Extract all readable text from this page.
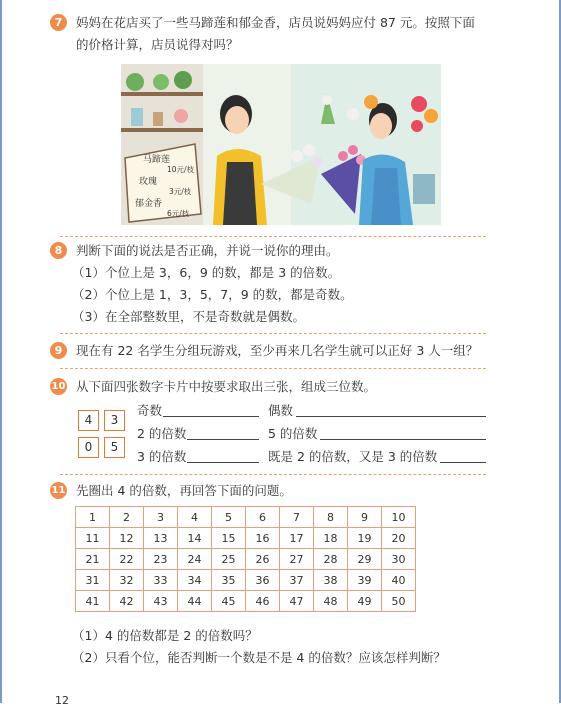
7	妈妈在花店买了一些马蹄莲和郁金香，店员说妈妈应付 87 元。按照下面
的价格计算，店员说得对吗？
马蹄莲
10元/枝
玫瑰
3元/枝
郁金香
6元/枝
8	判断下面的说法是否正确，并说一说你的理由。
（1）个位上是 3，6，9 的数，都是 3 的倍数。
（2）个位上是 1，3，5，7，9 的数，都是奇数。
（3）在全部整数里，不是奇数就是偶数。
9	现在有 22 名学生分组玩游戏，至少再来几名学生就可以正好 3 人一组？
10 从下面四张数字卡片中按要求取出三张，组成三位数。
4	3
0	5
奇数	偶数
2 的倍数	5 的倍数
3 的倍数	既是 2 的倍数，又是 3 的倍数
11 先圈出 4 的倍数，再回答下面的问题。
1	2	3	4	5	6	7	8	9	10
11	12	13	14	15	16	17	18	19	20
21	22	23	24	25	26	27	28	29	30
31	32	33	34	35	36	37	38	39	40
41	42	43	44	45	46	47	48	49	50
（1）4 的倍数都是 2 的倍数吗？
（2）只看个位，能否判断一个数是不是 4 的倍数？应该怎样判断？
12
